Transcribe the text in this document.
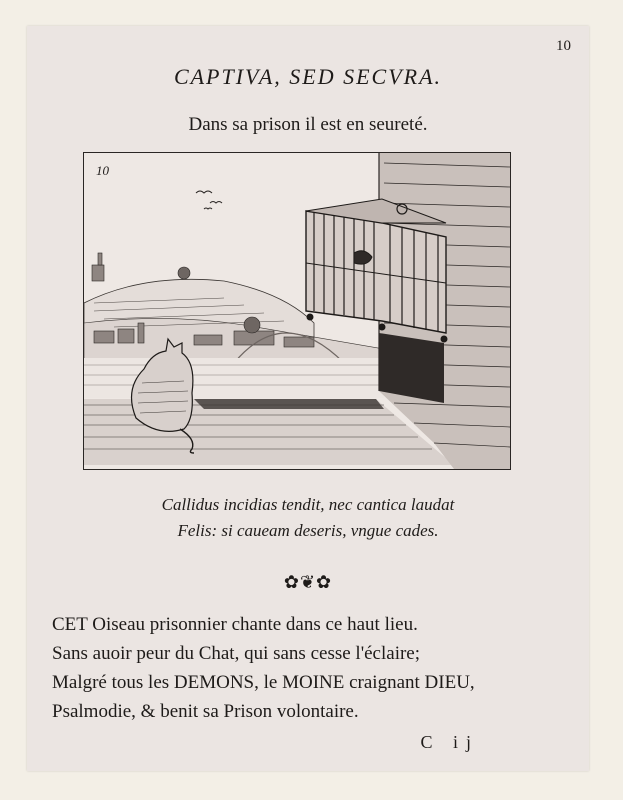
10
CAPTIVA, SED SECVRA.
Dans sa prison il est en seureté.
10
Callidus incidias tendit, nec cantica laudat
Felis: si caueam deseris, vngue cades.
✿❦✿
CET Oiseau prisonnier chante dans ce haut lieu.
Sans auoir peur du Chat, qui sans cesse l'éclaire;
Malgré tous les DEMONS, le MOINE craignant DIEU,
Psalmodie, & benit sa Prison volontaire.
C ij
